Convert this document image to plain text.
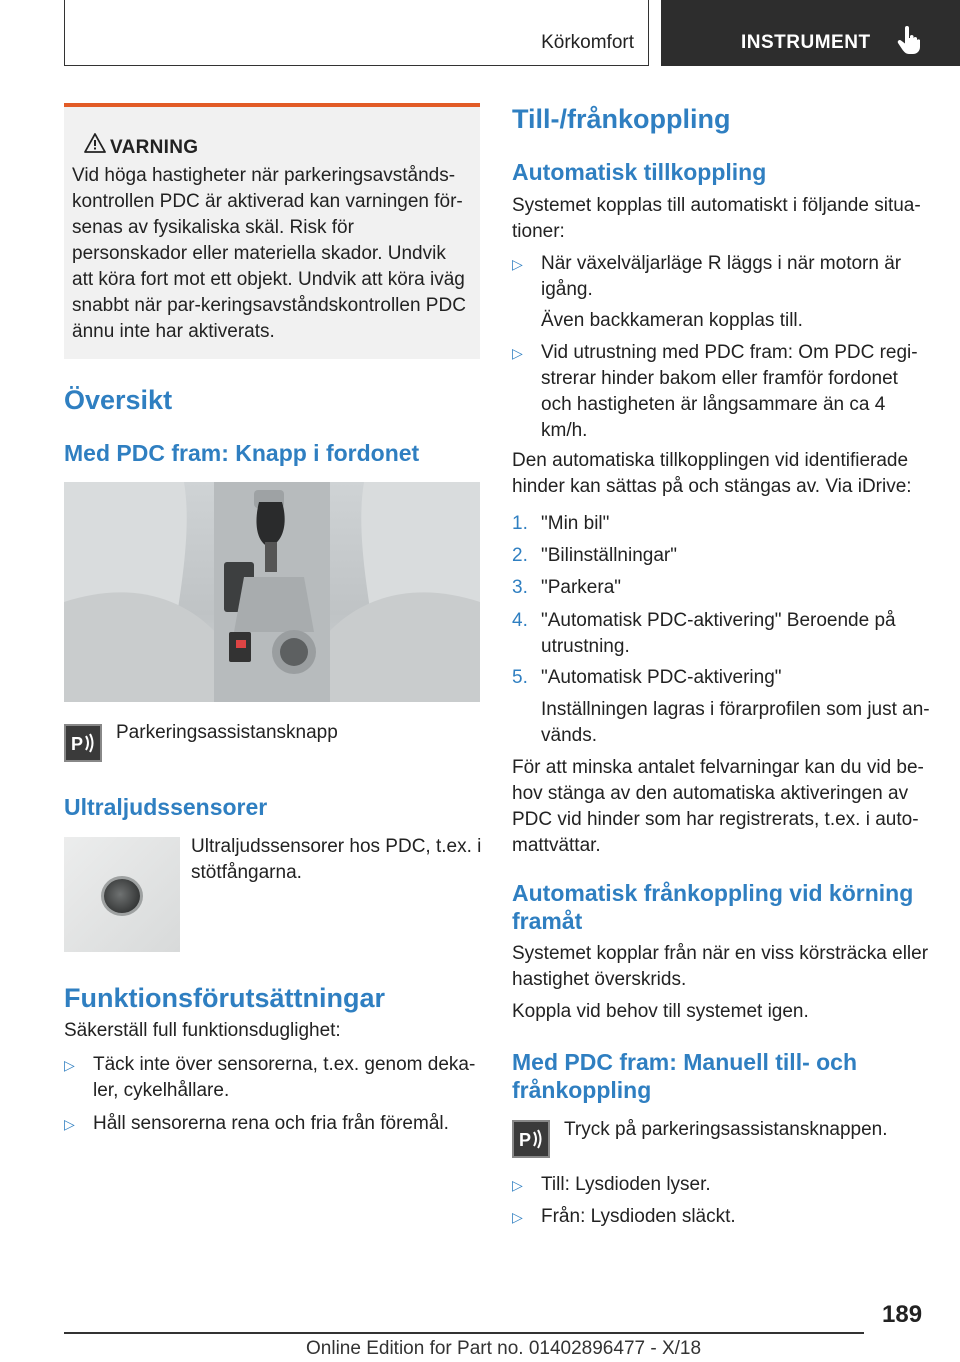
Körkomfort	INSTRUMENT
VARNING
Vid höga hastigheter när parkeringsavstånds-kontrollen PDC är aktiverad kan varningen för-senas av fysikaliska skäl. Risk för personskador eller materiella skador. Undvik att köra fort mot ett objekt. Undvik att köra iväg snabbt när par-keringsavståndskontrollen PDC ännu inte har aktiverats.
Översikt
Med PDC fram: Knapp i fordonet
P
Parkeringsassistansknapp
Ultraljudssensorer
Ultraljudssensorer hos PDC, t.ex. i stötfångarna.
Funktionsförutsättningar
Säkerställ full funktionsduglighet:
▷ Täck inte över sensorerna, t.ex. genom deka-ler, cykelhållare.
▷ Håll sensorerna rena och fria från föremål.
Till-/frånkoppling
Automatisk tillkoppling
Systemet kopplas till automatiskt i följande situa-tioner:
▷ När växelväljarläge R läggs i när motorn är igång.
Även backkameran kopplas till.
▷ Vid utrustning med PDC fram: Om PDC regi-strerar hinder bakom eller framför fordonet och hastigheten är långsammare än ca 4 km/h.
Den automatiska tillkopplingen vid identifierade hinder kan sättas på och stängas av. Via iDrive:
1. "Min bil"
2. "Bilinställningar"
3. "Parkera"
4. "Automatisk PDC-aktivering" Beroende på utrustning.
5. "Automatisk PDC-aktivering"
Inställningen lagras i förarprofilen som just an-vänds.
För att minska antalet felvarningar kan du vid be-hov stänga av den automatiska aktiveringen av PDC vid hinder som har registrerats, t.ex. i auto-mattvättar.
Automatisk frånkoppling vid körning framåt
Systemet kopplar från när en viss körsträcka eller hastighet överskrids.
Koppla vid behov till systemet igen.
Med PDC fram: Manuell till- och frånkoppling
P Tryck på parkeringsassistansknappen.
▷ Till: Lysdioden lyser.
▷ Från: Lysdioden släckt.
189
Online Edition for Part no. 01402896477 - X/18
